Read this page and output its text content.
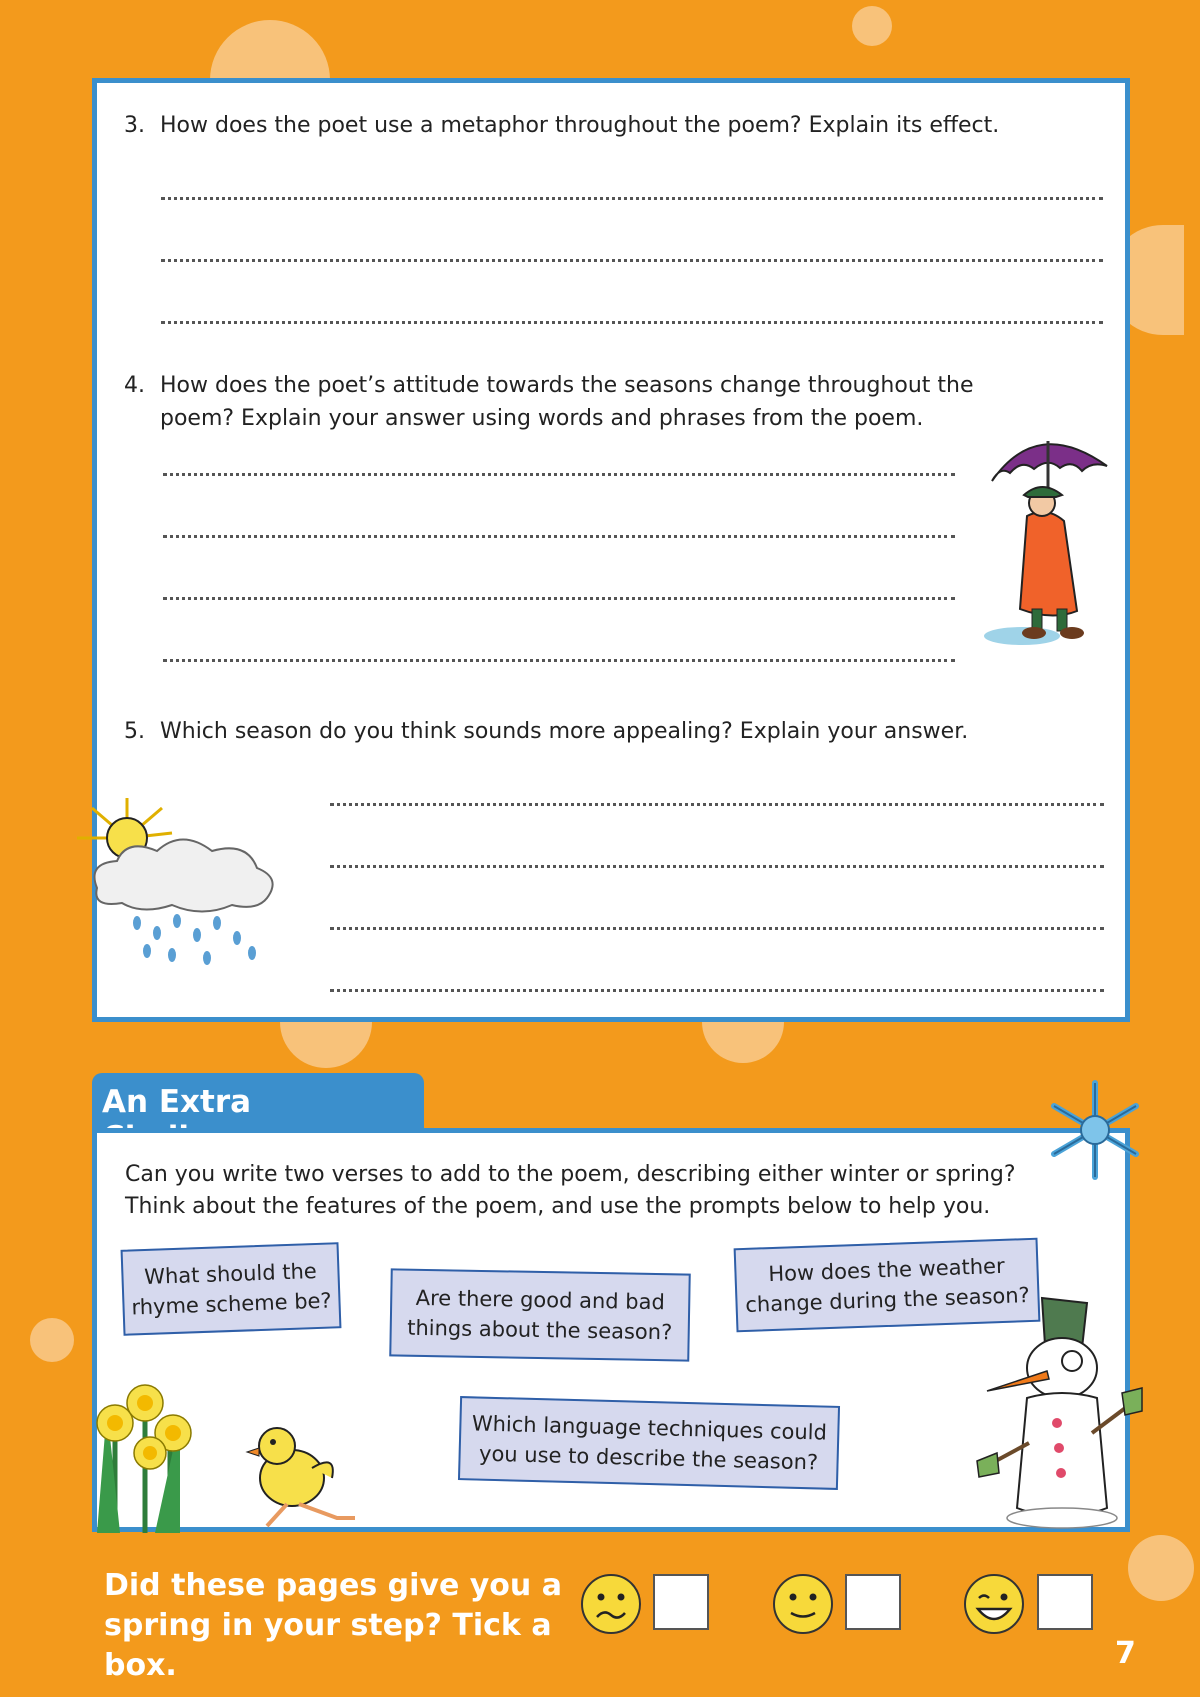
3. How does the poet use a metaphor throughout the poem? Explain its effect.
4. How does the poet’s attitude towards the seasons change throughout the
poem? Explain your answer using words and phrases from the poem.
5. Which season do you think sounds more appealing? Explain your answer.
An Extra
Can you write two verses to add to the poem, describing either winter or spring?
Think about the features of the poem, and use the prompts below to help you.
What should the
rhyme scheme be?	Are there good and bad
things about the season?
How does the weather
change during the season?
Which language techniques could
you use to describe the season?
Did these pages give you a
spring in your step? Tick a box.	7
